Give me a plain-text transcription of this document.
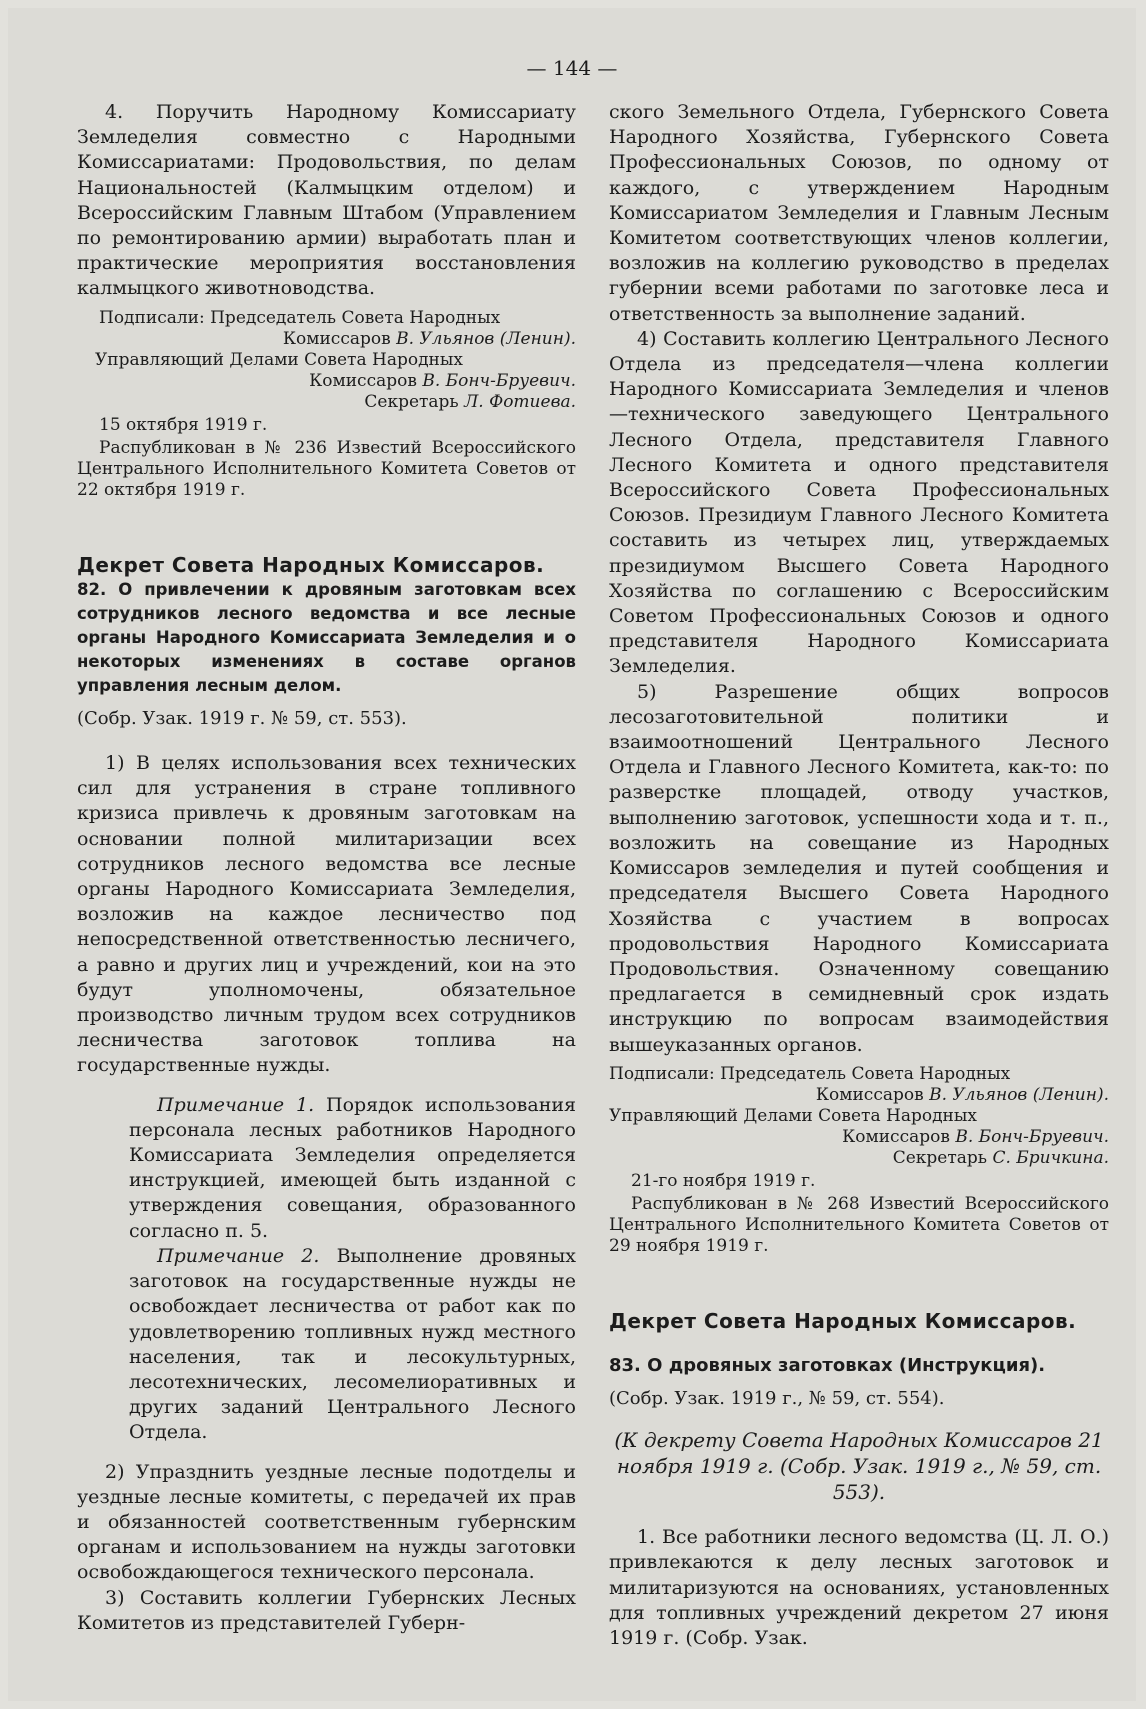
— 144 —

4. Поручить Народному Комиссариату Земледелия совместно с Народными Комиссариатами: Продовольствия, по делам Национальностей (Калмыцким отделом) и Всероссийским Главным Штабом (Управлением по ремонтированию армии) выработать план и практические мероприятия восстановления калмыцкого животноводства.

Подписали: Председатель Совета Народных
Комиссаров В. Ульянов (Ленин).
Управляющий Делами Совета Народных
Комиссаров В. Бонч-Бруевич.
Секретарь Л. Фотиева.
15 октября 1919 г.

Распубликован в № 236 Известий Всероссийского Центрального Исполнительного Комитета Советов от 22 октября 1919 г.

Декрет Совета Народных Комиссаров.

82. О привлечении к дровяным заготовкам всех сотрудников лесного ведомства и все лесные органы Народного Комиссариата Земледелия и о некоторых изменениях в составе органов управления лесным делом.

(Собр. Узак. 1919 г. № 59, ст. 553).

1) В целях использования всех технических сил для устранения в стране топливного кризиса привлечь к дровяным заготовкам на основании полной милитаризации всех сотрудников лесного ведомства все лесные органы Народного Комиссариата Земледелия, возложив на каждое лесничество под непосредственной ответственностью лесничего, а равно и других лиц и учреждений, кои на это будут уполномочены, обязательное производство личным трудом всех сотрудников лесничества заготовок топлива на государственные нужды.

Примечание 1. Порядок использования персонала лесных работников Народного Комиссариата Земледелия определяется инструкцией, имеющей быть изданной с утверждения совещания, образованного согласно п. 5.

Примечание 2. Выполнение дровяных заготовок на государственные нужды не освобождает лесничества от работ как по удовлетворению топливных нужд местного населения, так и лесокультурных, лесотехнических, лесомелиоративных и других заданий Центрального Лесного Отдела.

2) Упразднить уездные лесные подотделы и уездные лесные комитеты, с передачей их прав и обязанностей соответственным губернским органам и использованием на нужды заготовки освобождающегося технического персонала.

3) Составить коллегии Губернских Лесных Комитетов из представителей Губерн-

ского Земельного Отдела, Губернского Совета Народного Хозяйства, Губернского Совета Профессиональных Союзов, по одному от каждого, с утверждением Народным Комиссариатом Земледелия и Главным Лесным Комитетом соответствующих членов коллегии, возложив на коллегию руководство в пределах губернии всеми работами по заготовке леса и ответственность за выполнение заданий.

4) Составить коллегию Центрального Лесного Отдела из председателя—члена коллегии Народного Комиссариата Земледелия и членов—технического заведующего Центрального Лесного Отдела, представителя Главного Лесного Комитета и одного представителя Всероссийского Совета Профессиональных Союзов. Президиум Главного Лесного Комитета составить из четырех лиц, утверждаемых президиумом Высшего Совета Народного Хозяйства по соглашению с Всероссийским Советом Профессиональных Союзов и одного представителя Народного Комиссариата Земледелия.

5) Разрешение общих вопросов лесозаготовительной политики и взаимоотношений Центрального Лесного Отдела и Главного Лесного Комитета, как-то: по разверстке площадей, отводу участков, выполнению заготовок, успешности хода и т. п., возложить на совещание из Народных Комиссаров земледелия и путей сообщения и председателя Высшего Совета Народного Хозяйства с участием в вопросах продовольствия Народного Комиссариата Продовольствия. Означенному совещанию предлагается в семидневный срок издать инструкцию по вопросам взаимодействия вышеуказанных органов.

Подписали: Председатель Совета Народных
Комиссаров В. Ульянов (Ленин).
Управляющий Делами Совета Народных
Комиссаров В. Бонч-Бруевич.
Секретарь С. Бричкина.
21-го ноября 1919 г.

Распубликован в № 268 Известий Всероссийского Центрального Исполнительного Комитета Советов от 29 ноября 1919 г.

Декрет Совета Народных Комиссаров.

83. О дровяных заготовках (Инструкция).

(Собр. Узак. 1919 г., № 59, ст. 554).

(К декрету Совета Народных Комиссаров 21 ноября 1919 г. (Собр. Узак. 1919 г., № 59, ст. 553).

1. Все работники лесного ведомства (Ц. Л. О.) привлекаются к делу лесных заготовок и милитаризуются на основаниях, установленных для топливных учреждений декретом 27 июня 1919 г. (Собр. Узак.
